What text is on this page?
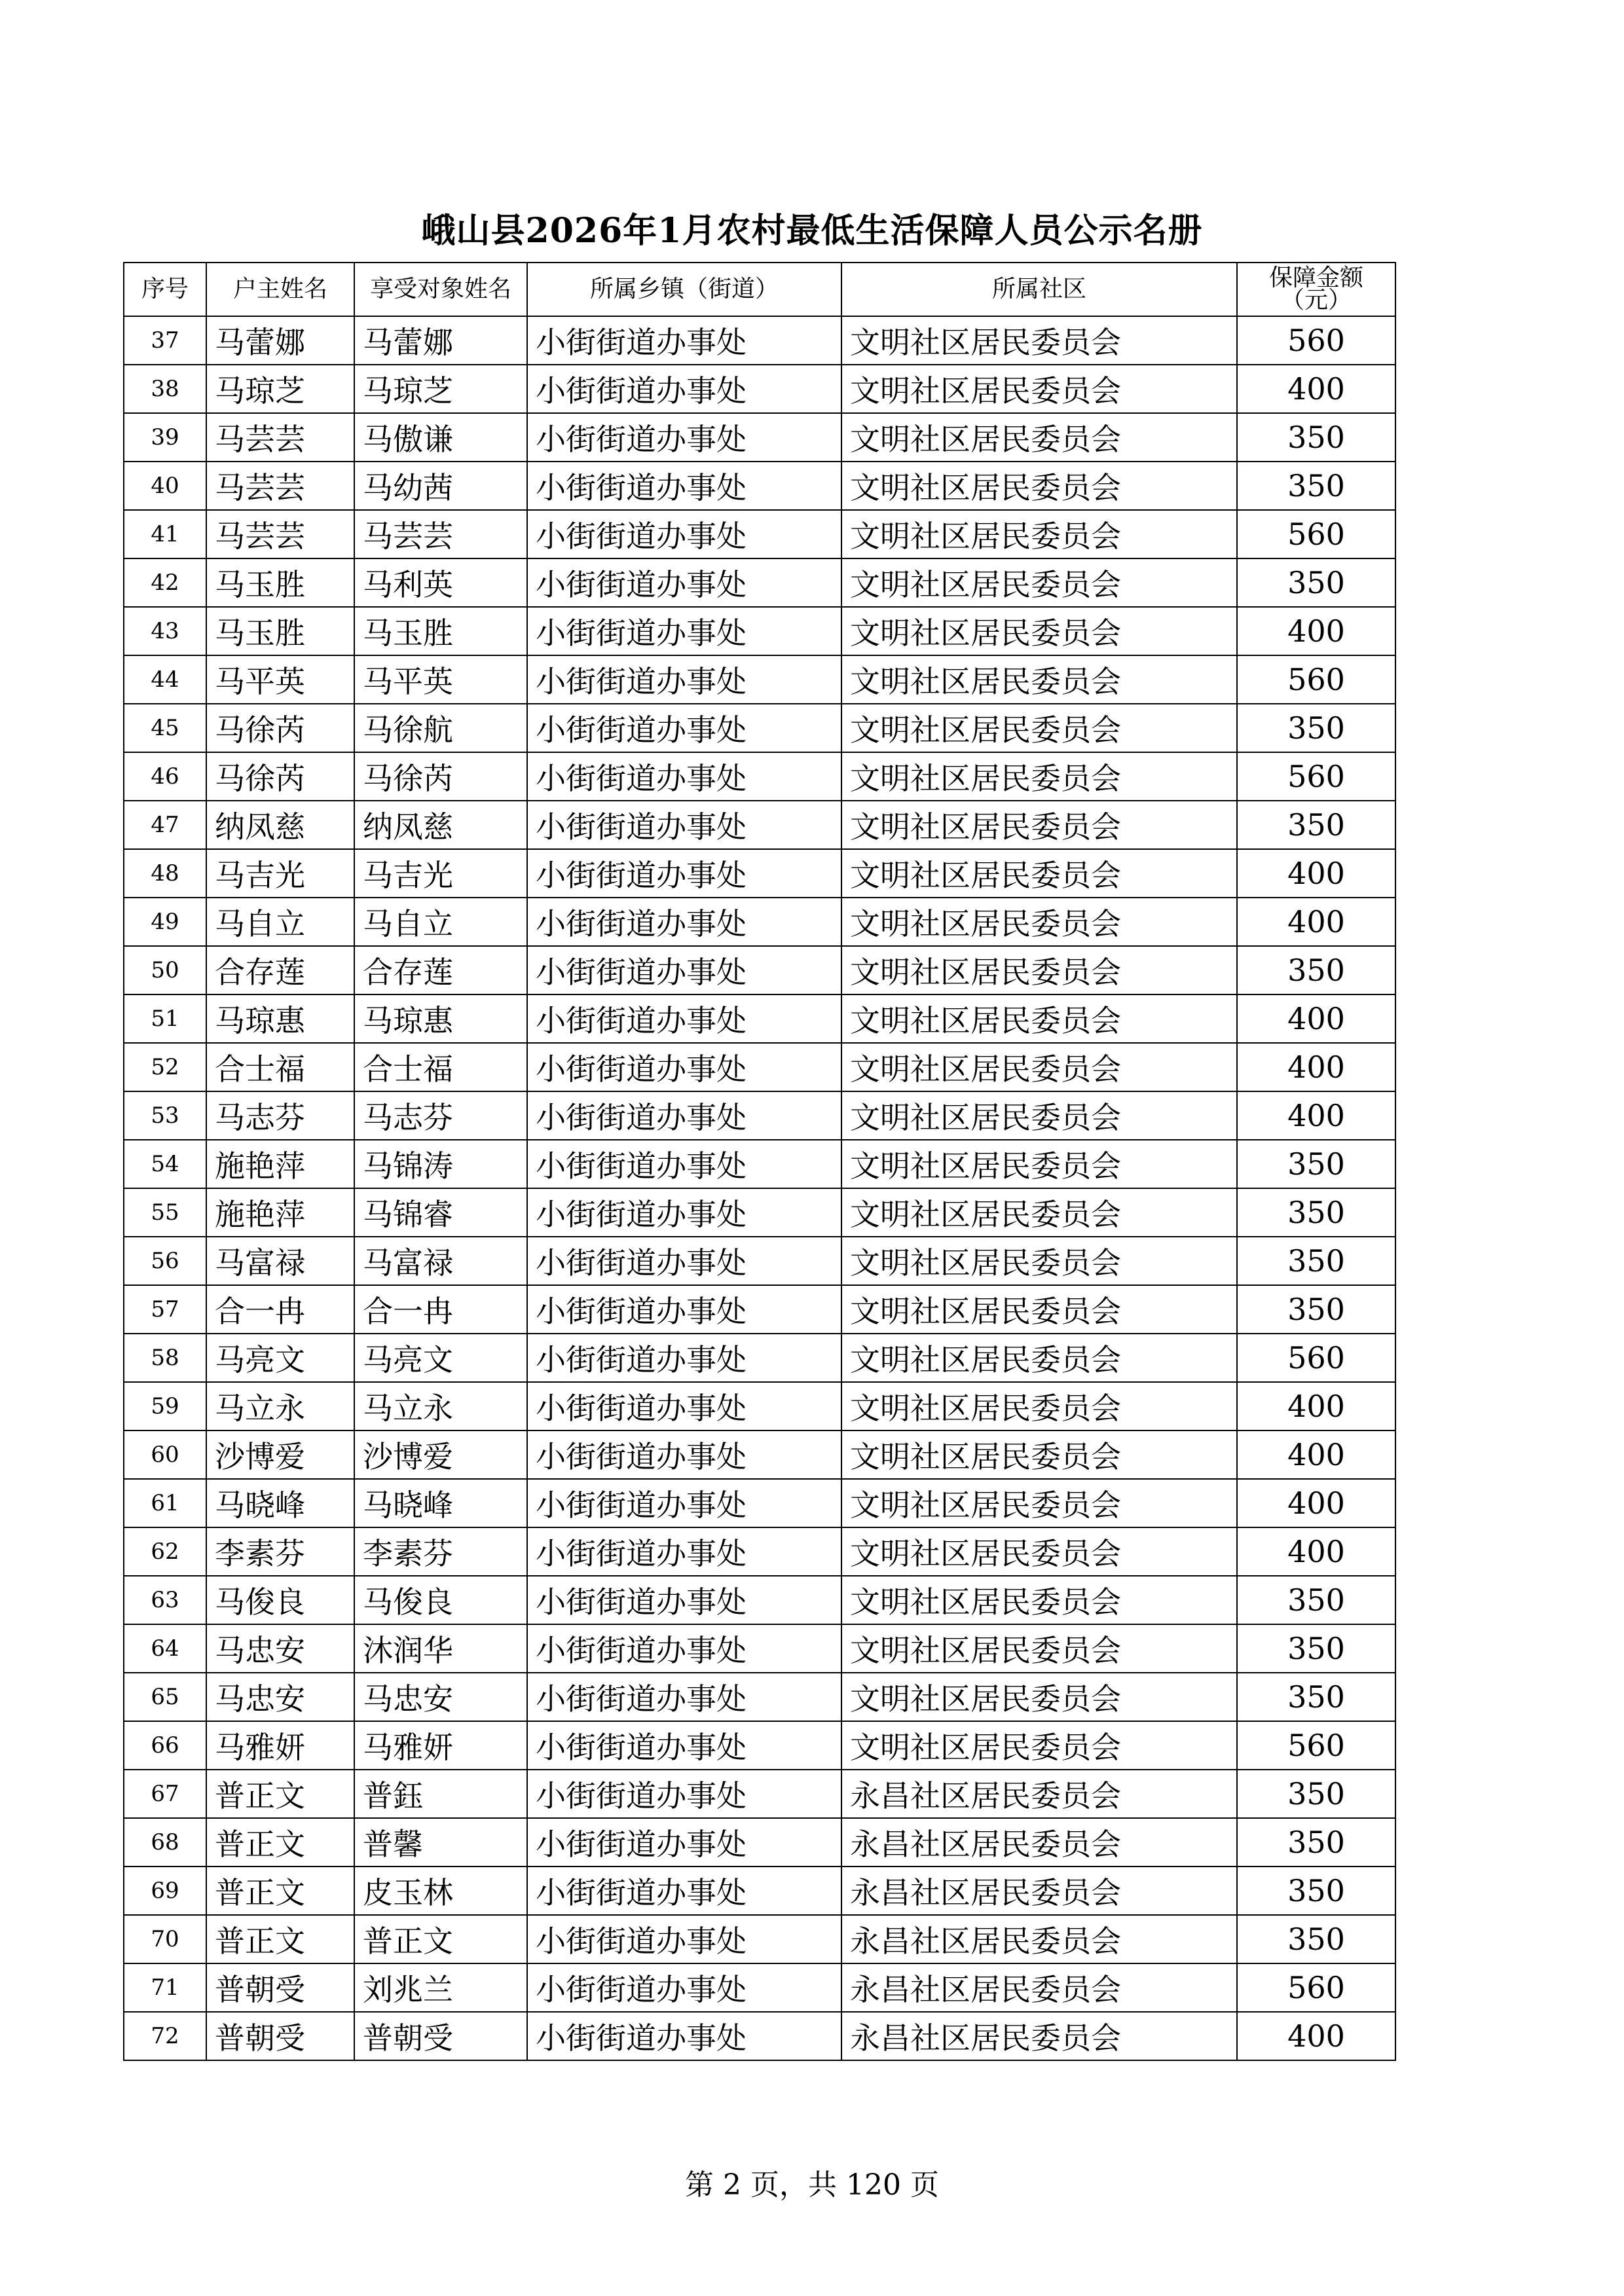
峨山县2026年1月农村最低生活保障人员公示名册
序号	户主姓名	享受对象姓名	所属乡镇（街道）	所属社区	保障金额（元）

37	马蕾娜	马蕾娜	小街街道办事处	文明社区居民委员会	560
38	马琼芝	马琼芝	小街街道办事处	文明社区居民委员会	400
39	马芸芸	马傲谦	小街街道办事处	文明社区居民委员会	350
40	马芸芸	马幼茜	小街街道办事处	文明社区居民委员会	350
41	马芸芸	马芸芸	小街街道办事处	文明社区居民委员会	560
42	马玉胜	马利英	小街街道办事处	文明社区居民委员会	350
43	马玉胜	马玉胜	小街街道办事处	文明社区居民委员会	400
44	马平英	马平英	小街街道办事处	文明社区居民委员会	560
45	马徐芮	马徐航	小街街道办事处	文明社区居民委员会	350
46	马徐芮	马徐芮	小街街道办事处	文明社区居民委员会	560
47	纳凤慈	纳凤慈	小街街道办事处	文明社区居民委员会	350
48	马吉光	马吉光	小街街道办事处	文明社区居民委员会	400
49	马自立	马自立	小街街道办事处	文明社区居民委员会	400
50	合存莲	合存莲	小街街道办事处	文明社区居民委员会	350
51	马琼惠	马琼惠	小街街道办事处	文明社区居民委员会	400
52	合士福	合士福	小街街道办事处	文明社区居民委员会	400
53	马志芬	马志芬	小街街道办事处	文明社区居民委员会	400
54	施艳萍	马锦涛	小街街道办事处	文明社区居民委员会	350
55	施艳萍	马锦睿	小街街道办事处	文明社区居民委员会	350
56	马富禄	马富禄	小街街道办事处	文明社区居民委员会	350
57	合一冉	合一冉	小街街道办事处	文明社区居民委员会	350
58	马亮文	马亮文	小街街道办事处	文明社区居民委员会	560
59	马立永	马立永	小街街道办事处	文明社区居民委员会	400
60	沙博爱	沙博爱	小街街道办事处	文明社区居民委员会	400
61	马晓峰	马晓峰	小街街道办事处	文明社区居民委员会	400
62	李素芬	李素芬	小街街道办事处	文明社区居民委员会	400
63	马俊良	马俊良	小街街道办事处	文明社区居民委员会	350
64	马忠安	沐润华	小街街道办事处	文明社区居民委员会	350
65	马忠安	马忠安	小街街道办事处	文明社区居民委员会	350
66	马雅妍	马雅妍	小街街道办事处	文明社区居民委员会	560
67	普正文	普鈺	小街街道办事处	永昌社区居民委员会	350
68	普正文	普馨	小街街道办事处	永昌社区居民委员会	350
69	普正文	皮玉林	小街街道办事处	永昌社区居民委员会	350
70	普正文	普正文	小街街道办事处	永昌社区居民委员会	350
71	普朝受	刘兆兰	小街街道办事处	永昌社区居民委员会	560
72	普朝受	普朝受	小街街道办事处	永昌社区居民委员会	400
第 2 页，共 120 页
